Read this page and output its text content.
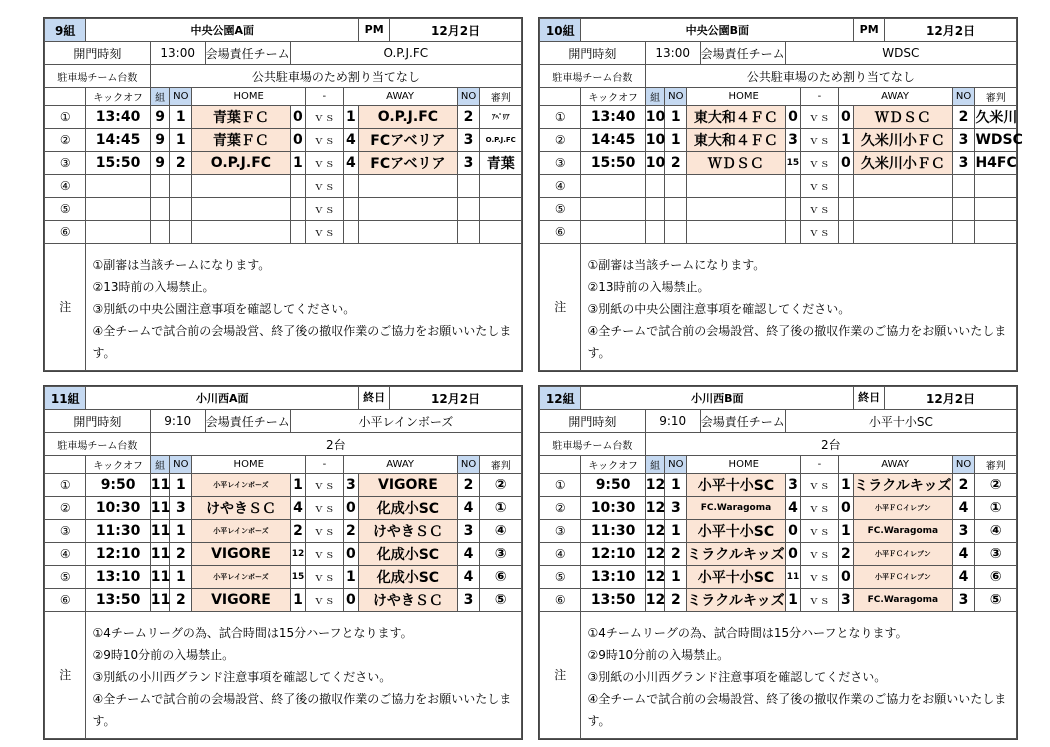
9組	中央公園A面							PM 12月2日		

開門時刻		13:00 会場責任チーム			O.P.J.FC					
駐車場チーム台数		公共駐車場のため割り当てなし								
	キックオフ	組	NO	HOME		-	AWAY		NO	審判
①	13:40	9	1	青葉ＦＣ	0	ｖｓ	1	O.P.J.FC	2	ｱﾍﾟﾘｱ
②	14:45	9	1	青葉ＦＣ	0	ｖｓ	4	FCアベリア	3	O.P.J.FC
③	15:50	9	2	O.P.J.FC	1	ｖｓ	4	FCアベリア	3	青葉
④						ｖｓ				
⑤						ｖｓ				
⑥						ｖｓ				
注	①副審は当該チームになります。
②13時前の入場禁止。
③別紙の中央公園注意事項を確認してください。
④全チームで試合前の会場設営、終了後の撤収作業のご協力をお願いいたします。									
10組	中央公園B面							PM 12月2日		

開門時刻		13:00 会場責任チーム			WDSC					
駐車場チーム台数		公共駐車場のため割り当てなし								
	キックオフ	組	NO	HOME		-	AWAY		NO	審判
①	13:40	10	1	東大和４ＦＣ	0	ｖｓ	0	ＷＤＳＣ	2	久米川
②	14:45	10	1	東大和４ＦＣ	3	ｖｓ	1	久米川小ＦＣ	3	WDSC
③	15:50	10	2	ＷＤＳＣ	15	ｖｓ	0	久米川小ＦＣ	3	H4FC
④						ｖｓ				
⑤						ｖｓ				
⑥						ｖｓ				
注	①副審は当該チームになります。
②13時前の入場禁止。
③別紙の中央公園注意事項を確認してください。
④全チームで試合前の会場設営、終了後の撤収作業のご協力をお願いいたします。									
11組	小川西A面							終日 12月2日		

開門時刻		9:10 会場責任チーム			小平レインボーズ					
駐車場チーム台数		2台								
	キックオフ	組	NO	HOME		-	AWAY		NO	審判
①	9:50	11	1	小平レインボーズ	1	ｖｓ	3	VIGORE	2	②
②	10:30	11	3	けやきＳＣ	4	ｖｓ	0	化成小SC	4	①
③	11:30	11	1	小平レインボーズ	2	ｖｓ	2	けやきＳＣ	3	④
④	12:10	11	2	VIGORE	12	ｖｓ	0	化成小SC	4	③
⑤	13:10	11	1	小平レインボーズ	15	ｖｓ	1	化成小SC	4	⑥
⑥	13:50	11	2	VIGORE	1	ｖｓ	0	けやきＳＣ	3	⑤
注	①4チームリーグの為、試合時間は15分ハーフとなります。
②9時10分前の入場禁止。
③別紙の小川西グランド注意事項を確認してください。
④全チームで試合前の会場設営、終了後の撤収作業のご協力をお願いいたします。									
12組	小川西B面							終日 12月2日		

開門時刻		9:10 会場責任チーム			小平十小SC					
駐車場チーム台数		2台								
	キックオフ	組	NO	HOME		-	AWAY		NO	審判
①	9:50	12	1	小平十小SC	3	ｖｓ	1	ミラクルキッズ	2	②
②	10:30	12	3	FC.Waragoma	4	ｖｓ	0	小平ＦＣイレブン	4	①
③	11:30	12	1	小平十小SC	0	ｖｓ	1	FC.Waragoma	3	④
④	12:10	12	2	ミラクルキッズ	0	ｖｓ	2	小平ＦＣイレブン	4	③
⑤	13:10	12	1	小平十小SC	11	ｖｓ	0	小平ＦＣイレブン	4	⑥
⑥	13:50	12	2	ミラクルキッズ	1	ｖｓ	3	FC.Waragoma	3	⑤
注	①4チームリーグの為、試合時間は15分ハーフとなります。
②9時10分前の入場禁止。
③別紙の小川西グランド注意事項を確認してください。
④全チームで試合前の会場設営、終了後の撤収作業のご協力をお願いいたします。									
